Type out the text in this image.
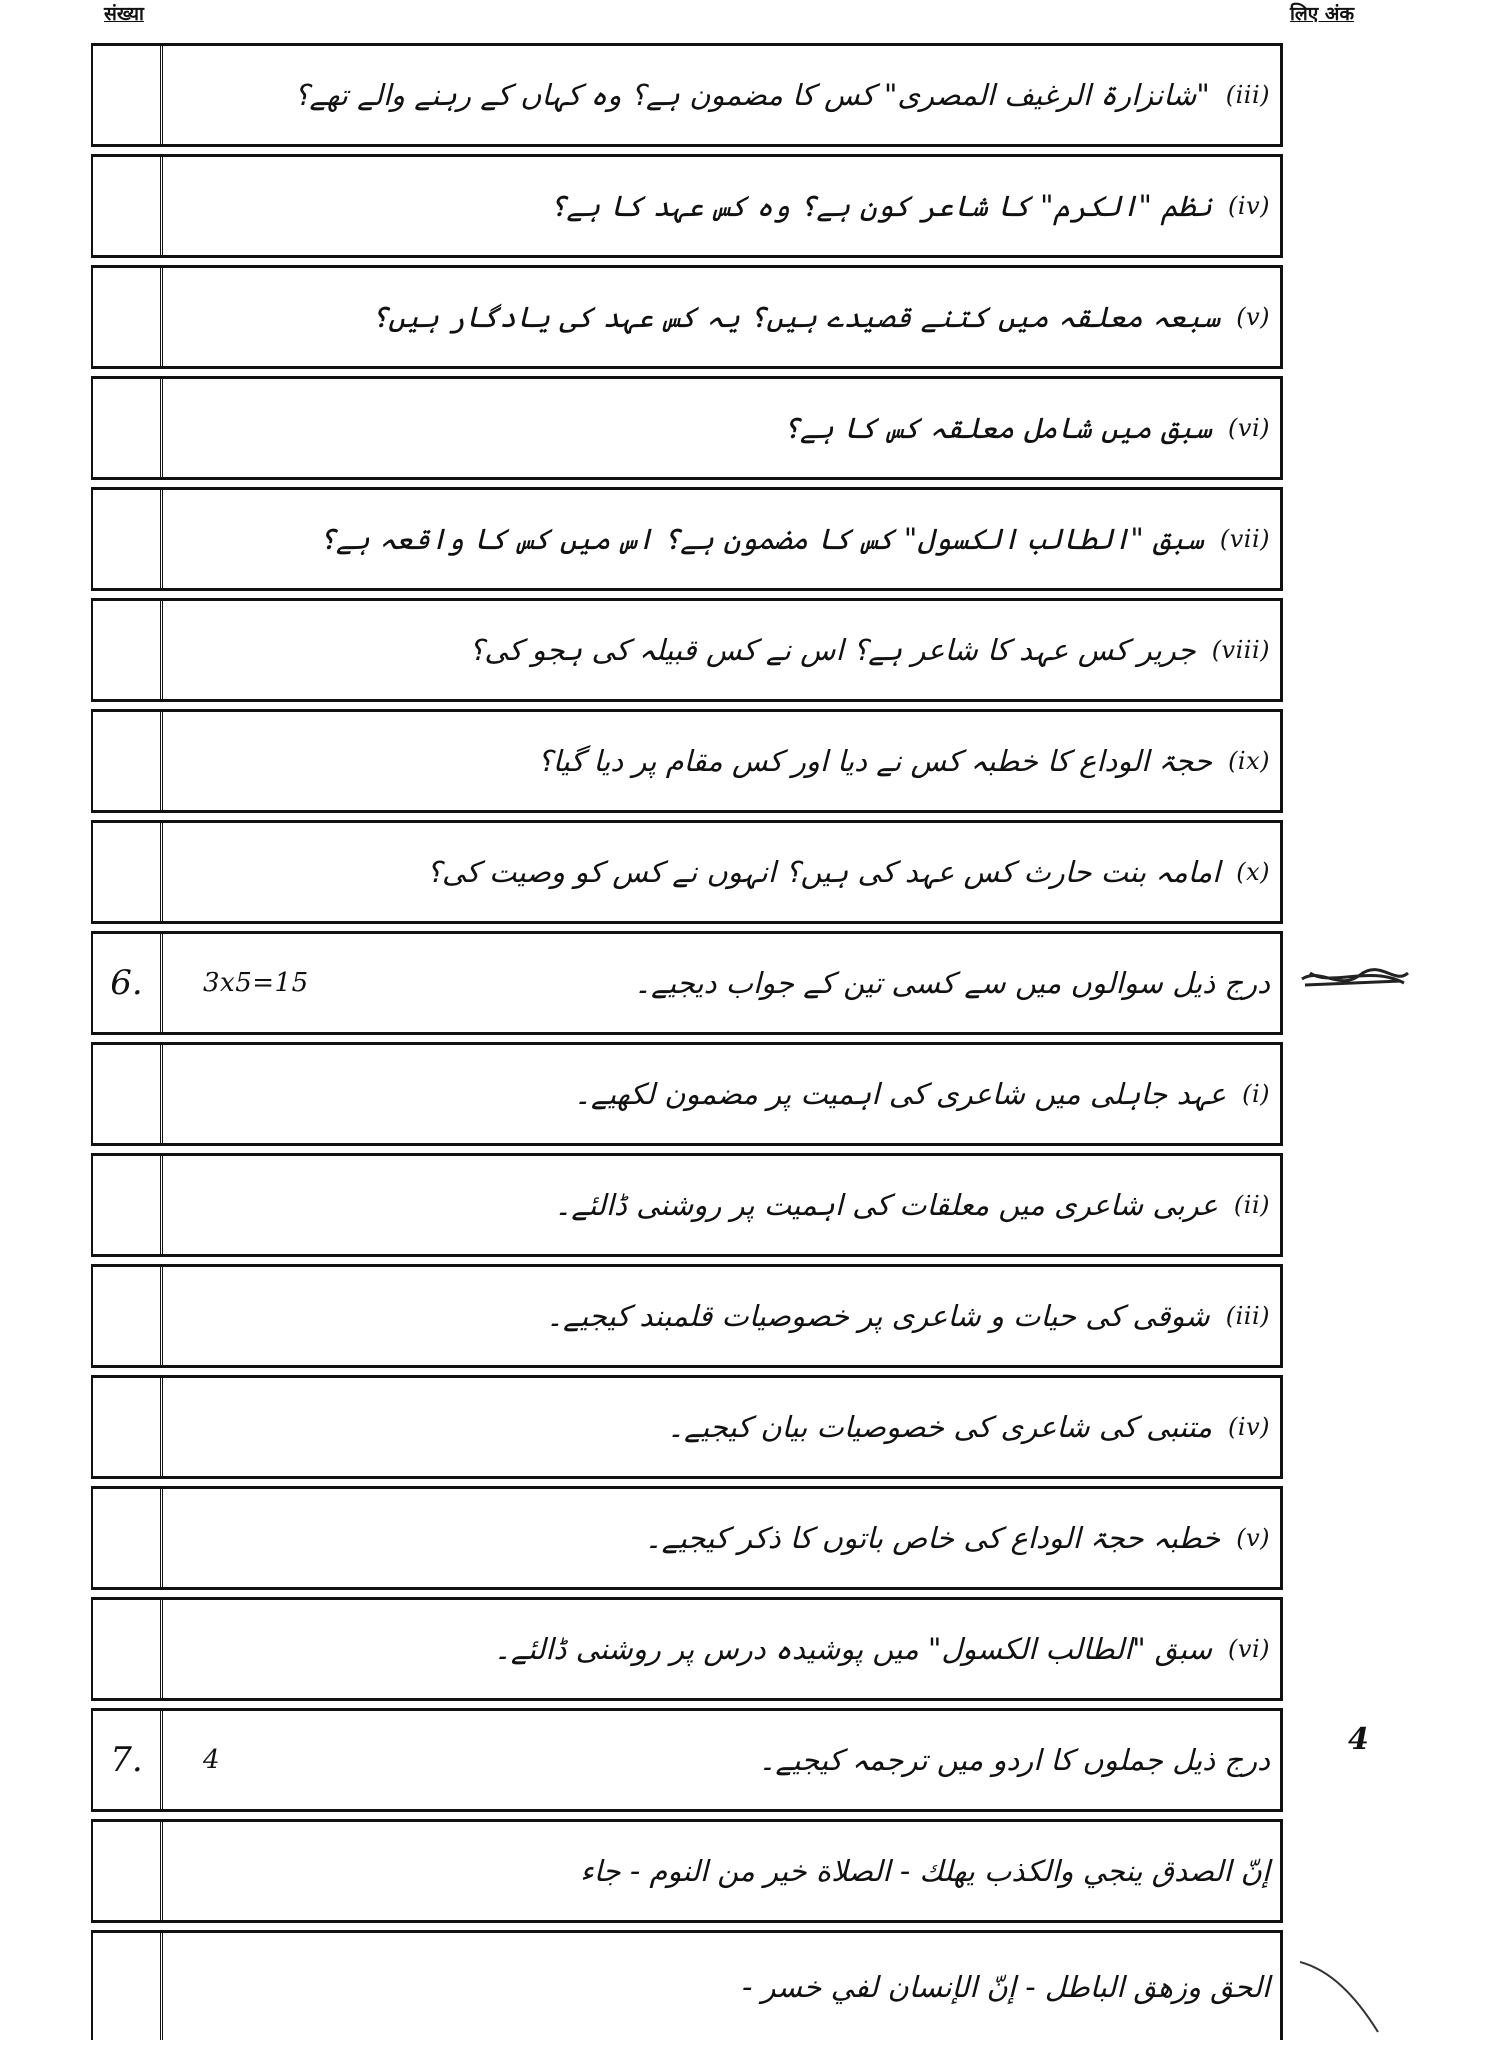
संख्या	लिए अंक
(iii)
"شانزارۃ الرغیف المصری" کس کا مضمون ہے؟ وہ کہاں کے رہنے والے تھے؟
(iv)
نظم "الکرم" کا شاعر کون ہے؟ وہ کس عہد کا ہے؟
(v)
سبعہ معلقہ میں کتنے قصیدے ہیں؟ یہ کس عہد کی یادگار ہیں؟
(vi)
سبق میں شامل معلقہ کس کا ہے؟
(vii)
سبق "الطالب الکسول" کس کا مضمون ہے؟ اس میں کس کا واقعہ ہے؟
(viii)
جریر کس عہد کا شاعر ہے؟ اس نے کس قبیلہ کی ہجو کی؟
(ix)
حجۃ الوداع کا خطبہ کس نے دیا اور کس مقام پر دیا گیا؟
(x)
امامہ بنت حارث کس عہد کی ہیں؟ انہوں نے کس کو وصیت کی؟
6.	درج ذیل سوالوں میں سے کسی تین کے جواب دیجیے۔
3x5=15
(i)
عہد جاہلی میں شاعری کی اہمیت پر مضمون لکھیے۔
(ii)
عربی شاعری میں معلقات کی اہمیت پر روشنی ڈالئے۔
(iii)
شوقی کی حیات و شاعری پر خصوصیات قلمبند کیجیے۔
(iv)
متنبی کی شاعری کی خصوصیات بیان کیجیے۔
(v)
خطبہ حجۃ الوداع کی خاص باتوں کا ذکر کیجیے۔
(vi)
سبق "الطالب الکسول" میں پوشیدہ درس پر روشنی ڈالئے۔
7.	درج ذیل جملوں کا اردو میں ترجمہ کیجیے۔
4
إنّ الصدق ينجي والكذب يهلك - الصلاة خير من النوم - جاء
الحق وزهق الباطل - إنّ الإنسان لفي خسر -
4
